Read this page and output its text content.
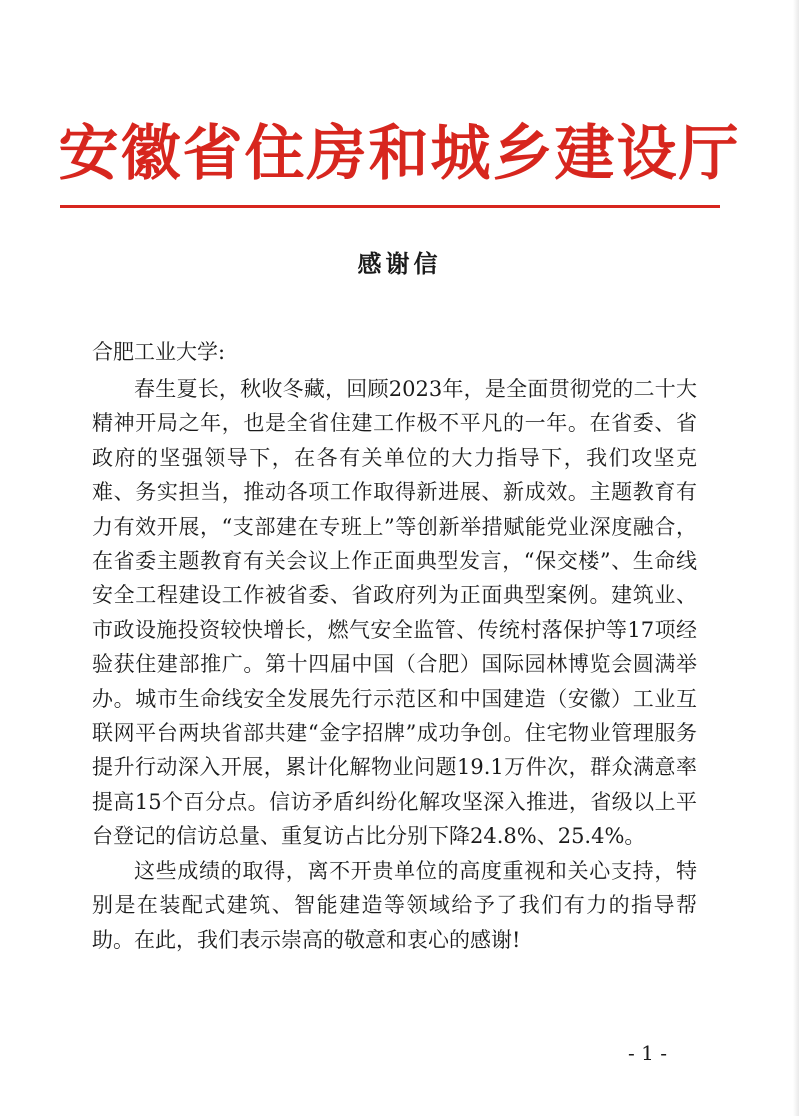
安徽省住房和城乡建设厅
感谢信
合肥工业大学:

春生夏长，秋收冬藏，回顾2023年，是全面贯彻党的二十大精神开局之年，也是全省住建工作极不平凡的一年。在省委、省政府的坚强领导下，在各有关单位的大力指导下，我们攻坚克难、务实担当，推动各项工作取得新进展、新成效。主题教育有力有效开展，“支部建在专班上”等创新举措赋能党业深度融合，在省委主题教育有关会议上作正面典型发言，“保交楼”、生命线安全工程建设工作被省委、省政府列为正面典型案例。建筑业、市政设施投资较快增长，燃气安全监管、传统村落保护等17项经验获住建部推广。第十四届中国（合肥）国际园林博览会圆满举办。城市生命线安全发展先行示范区和中国建造（安徽）工业互联网平台两块省部共建“金字招牌”成功争创。住宅物业管理服务提升行动深入开展，累计化解物业问题19.1万件次，群众满意率提高15个百分点。信访矛盾纠纷化解攻坚深入推进，省级以上平台登记的信访总量、重复访占比分别下降24.8%、25.4%。

这些成绩的取得，离不开贵单位的高度重视和关心支持，特别是在装配式建筑、智能建造等领域给予了我们有力的指导帮助。在此，我们表示崇高的敬意和衷心的感谢!

- 1 -
